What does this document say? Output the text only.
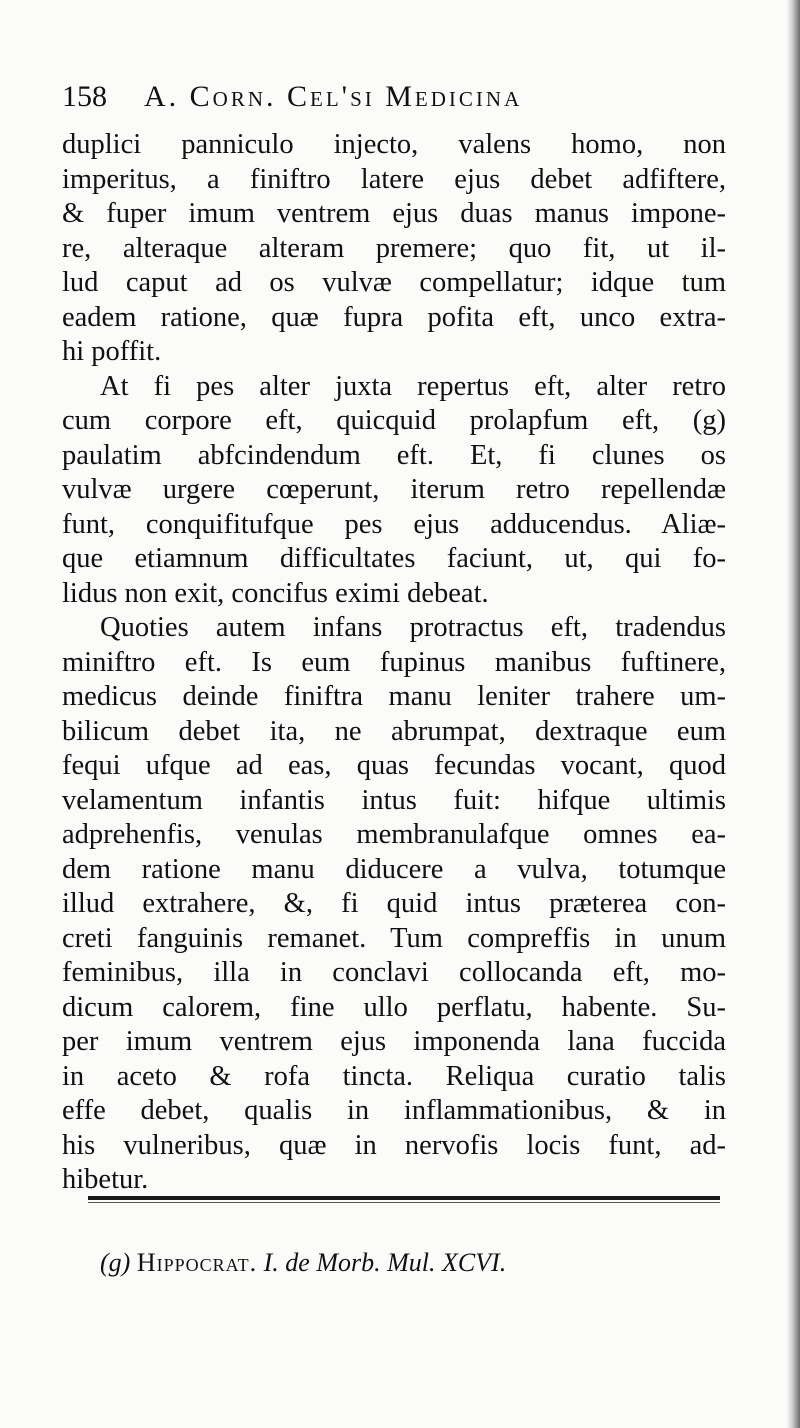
158 A. Corn. Cel'si Medicina
duplici panniculo injecto, valens homo, non
imperitus, a finiftro latere ejus debet adfiftere,
& fuper imum ventrem ejus duas manus impone-
re, alteraque alteram premere; quo fit, ut il-
lud caput ad os vulvæ compellatur; idque tum
eadem ratione, quæ fupra pofita eft, unco extra-
hi poffit.
At fi pes alter juxta repertus eft, alter retro
cum corpore eft, quicquid prolapfum eft, (g)
paulatim abfcindendum eft. Et, fi clunes os
vulvæ urgere cœperunt, iterum retro repellendæ
funt, conquifitufque pes ejus adducendus. Aliæ-
que etiamnum difficultates faciunt, ut, qui fo-
lidus non exit, concifus eximi debeat.
Quoties autem infans protractus eft, tradendus
miniftro eft. Is eum fupinus manibus fuftinere,
medicus deinde finiftra manu leniter trahere um-
bilicum debet ita, ne abrumpat, dextraque eum
fequi ufque ad eas, quas fecundas vocant, quod
velamentum infantis intus fuit: hifque ultimis
adprehenfis, venulas membranulafque omnes ea-
dem ratione manu diducere a vulva, totumque
illud extrahere, &, fi quid intus præterea con-
creti fanguinis remanet. Tum compreffis in unum
feminibus, illa in conclavi collocanda eft, mo-
dicum calorem, fine ullo perflatu, habente. Su-
per imum ventrem ejus imponenda lana fuccida
in aceto & rofa tincta. Reliqua curatio talis
effe debet, qualis in inflammationibus, & in
his vulneribus, quæ in nervofis locis funt, ad-
hibetur.
(g) Hippocrat. I. de Morb. Mul. XCVI.
